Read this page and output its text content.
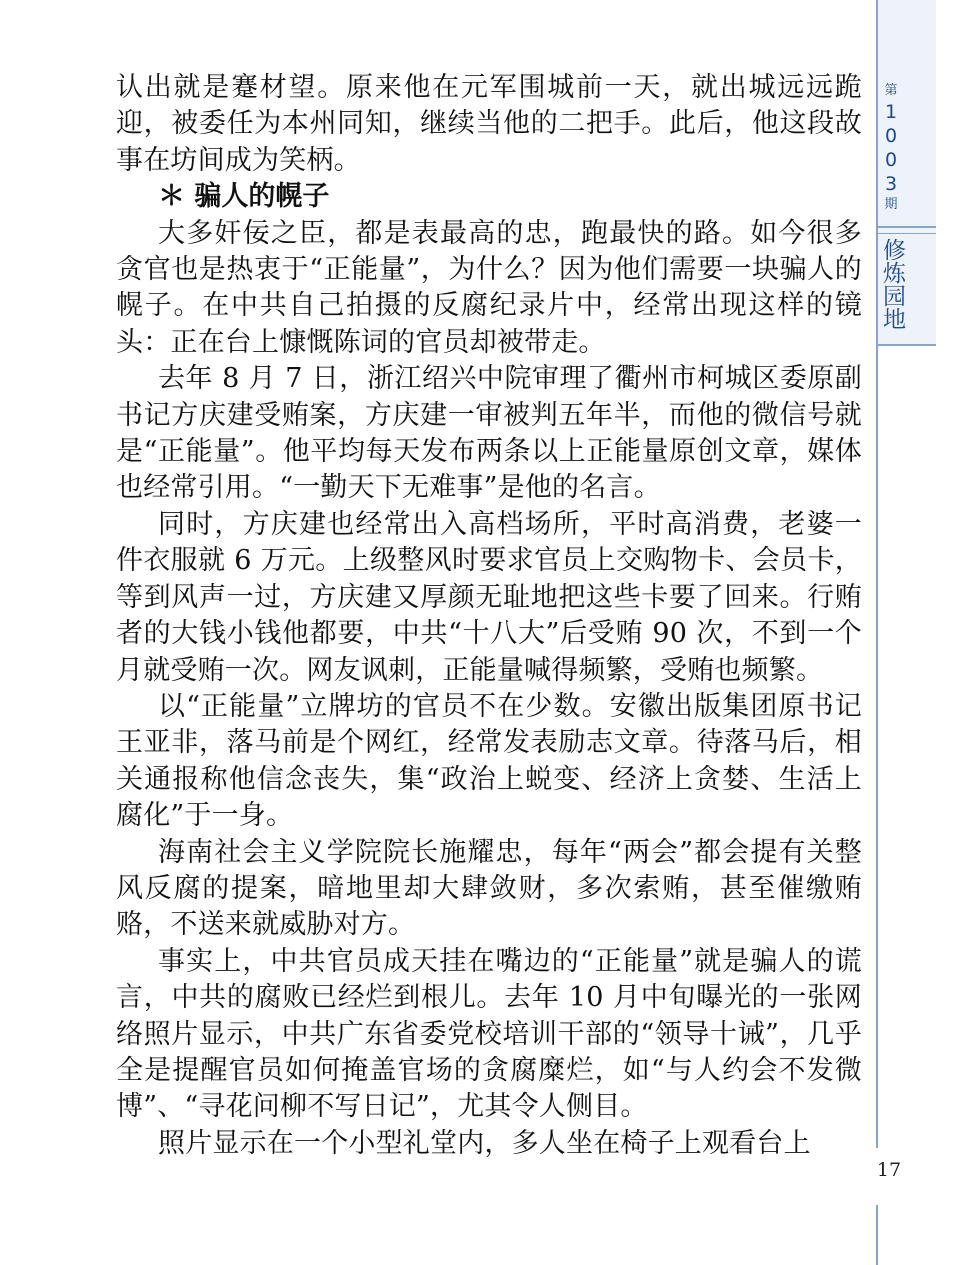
第
1
0
0
3
期
修炼园地

认出就是蹇材望。原来他在元军围城前一天，就出城远远跪迎，被委任为本州同知，继续当他的二把手。此后，他这段故事在坊间成为笑柄。

＊ 骗人的幌子

大多奸佞之臣，都是表最高的忠，跑最快的路。如今很多贪官也是热衷于“正能量”，为什么？因为他们需要一块骗人的幌子。在中共自己拍摄的反腐纪录片中，经常出现这样的镜头：正在台上慷慨陈词的官员却被带走。

去年 8 月 7 日，浙江绍兴中院审理了衢州市柯城区委原副书记方庆建受贿案，方庆建一审被判五年半，而他的微信号就是“正能量”。他平均每天发布两条以上正能量原创文章，媒体也经常引用。“一勤天下无难事”是他的名言。

同时，方庆建也经常出入高档场所，平时高消费，老婆一件衣服就 6 万元。上级整风时要求官员上交购物卡、会员卡，等到风声一过，方庆建又厚颜无耻地把这些卡要了回来。行贿者的大钱小钱他都要，中共“十八大”后受贿 90 次，不到一个月就受贿一次。网友讽刺，正能量喊得频繁，受贿也频繁。

以“正能量”立牌坊的官员不在少数。安徽出版集团原书记王亚非，落马前是个网红，经常发表励志文章。待落马后，相关通报称他信念丧失，集“政治上蜕变、经济上贪婪、生活上腐化”于一身。

海南社会主义学院院长施耀忠，每年“两会”都会提有关整风反腐的提案，暗地里却大肆敛财，多次索贿，甚至催缴贿赂，不送来就威胁对方。

事实上，中共官员成天挂在嘴边的“正能量”就是骗人的谎言，中共的腐败已经烂到根儿。去年 10 月中旬曝光的一张网络照片显示，中共广东省委党校培训干部的“领导十诫”，几乎全是提醒官员如何掩盖官场的贪腐糜烂，如“与人约会不发微博”、“寻花问柳不写日记”，尤其令人侧目。

照片显示在一个小型礼堂内，多人坐在椅子上观看台上

17
